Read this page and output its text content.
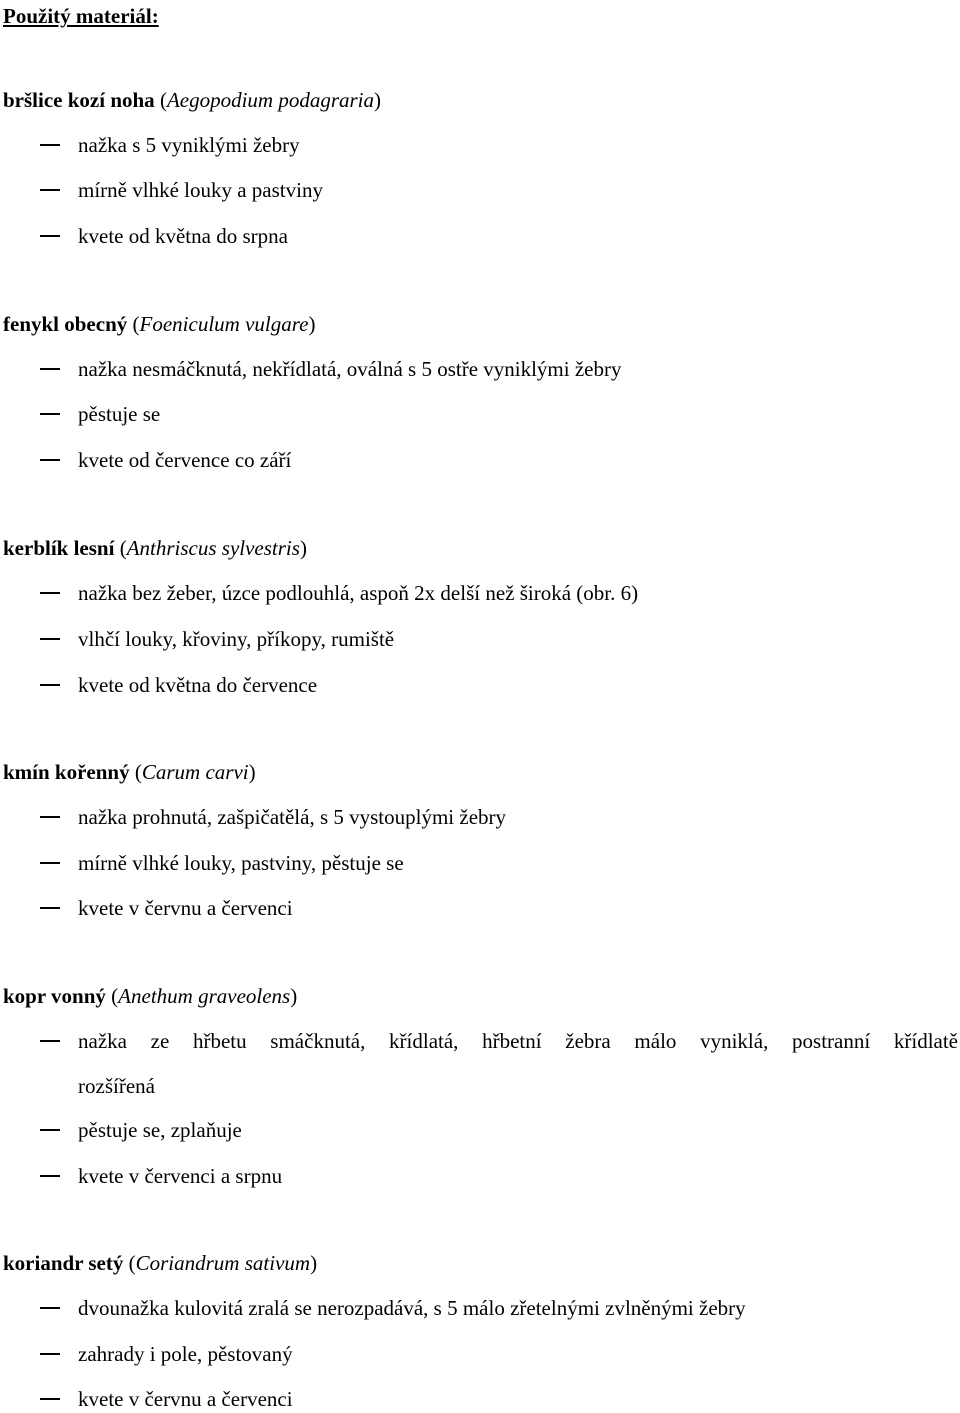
Použitý materiál:
bršlice kozí noha (Aegopodium podagraria)
nažka s 5 vyniklými žebry
mírně vlhké louky a pastviny
kvete od května do srpna
fenykl obecný (Foeniculum vulgare)
nažka nesmáčknutá, nekřídlatá, oválná s 5 ostře vyniklými žebry
pěstuje se
kvete od července co září
kerblík lesní (Anthriscus sylvestris)
nažka bez žeber, úzce podlouhlá, aspoň 2x delší než široká (obr. 6)
vlhčí louky, křoviny, příkopy, rumiště
kvete od května do července
kmín kořenný (Carum carvi)
nažka prohnutá, zašpičatělá, s 5 vystouplými žebry
mírně vlhké louky, pastviny, pěstuje se
kvete v červnu a červenci
kopr vonný (Anethum graveolens)
nažka ze hřbetu smáčknutá, křídlatá, hřbetní žebra málo vyniklá, postranní křídlatě
rozšířená
pěstuje se, zplaňuje
kvete v červenci a srpnu
koriandr setý (Coriandrum sativum)
dvounažka kulovitá zralá se nerozpadává, s 5 málo zřetelnými zvlněnými žebry
zahrady i pole, pěstovaný
kvete v červnu a červenci
